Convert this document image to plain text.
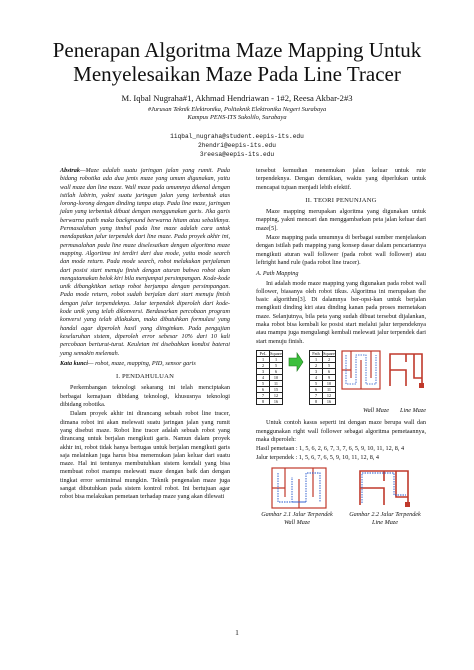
Penerapan Algoritma Maze Mapping Untuk
Menyelesaikan Maze Pada Line Tracer
M. Iqbal Nugraha#1, Akhmad Hendriawan - 1#2, Reesa Akbar-2#3
#Jurusan Teknik Elektronika, Politeknik Elektronika Negeri Surabaya
Kampus PENS-ITS Sukolilo, Surabaya
1iqbal_nugraha@student.eepis-its.edu
2hendri@eepis-its.edu
3reesa@eepis-its.edu
Abstrak—Maze adalah suatu jaringan jalan yang rumit. Pada bidang robotika ada dua jenis maze yang umum digunakan, yaitu wall maze dan line maze. Wall maze pada umumnya dikenal dengan istilah labirin, yakni suatu jaringan jalan yang terbentuk atas lorong-lorong dengan dinding tanpa atap. Pada line maze, jaringan jalan yang terbentuk dibuat dengan menggunakan garis. Jika garis berwarna putih maka background berwarna hitam atau sebaliknya. Permasalahan yang timbul pada line maze adalah cara untuk mendapatkan jalur terpendek dari line maze. Pada proyek akhir ini, permasalahan pada line maze diselesaikan dengan algoritma maze mapping. Algoritma ini terdiri dari dua mode, yaitu mode search dan mode return. Pada mode search, robot melakukan perjalanan dari posisi start menuju finish dengan aturan bahwa robot akan mengutamakan belok kiri bila menjumpai persimpangan. Kode-kode unik dibangkitkan setiap robot berjumpa dengan persimpangan. Pada mode return, robot sudah berjalan dari start menuju finish dengan jalur terpendeknya. Jalur terpendek diperoleh dari kode-kode unik yang telah dikonversi. Berdasarkan percobaan program konversi yang telah dilakukan, maka dibutuhkan formulasi yang handal agar diperoleh hasil yang diinginkan. Pada pengujian keseluruhan sistem, diperoleh error sebesar 10% dari 10 kali percobaan berturut-turut. Keuletan ini disebabkan kondisi baterai yang semakin melemah.
Kata kunci— robot, maze, mapping, PID, sensor garis
I. PENDAHULUAN
Perkembangan teknologi sekarang ini telah menciptakan berbagai kemajuan dibidang teknologi, khususnya teknologi dibidang robotika.
Dalam proyek akhir ini dirancang sebuah robot line tracer, dimana robot ini akan melewati suatu jaringan jalan yang rumit yang disebut maze. Robot line tracer adalah sebuah robot yang dirancang untuk berjalan mengikuti garis. Namun dalam proyek akhir ini, robot tidak hanya bertugas untuk berjalan mengikuti garis saja melainkan juga harus bisa menemukan jalan keluar dari suatu maze. Hal ini tentunya membutuhkan sistem kendali yang bisa membuat robot mampu melewati maze dengan baik dan dengan tingkat error seminimal mungkin. Teknik pengenalan maze juga sangat dibutuhkan pada sistem kontrol robot. Ini bertujuan agar robot bisa melakukan pemetaan terhadap maze yang akan dilewati
tersebut kemudian menemukan jalan keluar untuk rute terpendeknya. Dengan demikian, waktu yang diperlukan untuk mencapai tujuan menjadi lebih efektif.
II. TEORI PENUNJANG
Maze mapping merupakan algoritma yang digunakan untuk mapping, yakni mencari dan menggambarkan peta jalan keluar dari maze[5].
Maze mapping pada umumnya di berbagai sumber menjelaskan dengan istilah path mapping yang konsep dasar dalam pencariannya mengikuti aturan wall follower (pada robot wall follower) atau leftright hand rule (pada robot line tracer).
A. Path Mapping
Ini adalah mode maze mapping yang digunakan pada robot wall follower, biasanya oleh robot tikus. Algoritma ini merupakan the basic algorithm[3]. Di dalamnya ber-opsi-kan untuk berjalan mengikuti dinding kiri atau dinding kanan pada proses memetakan maze. Selanjutnya, bila peta yang sudah dibuat tersebut dijalankan, maka robot bisa kembali ke posisi start melalui jalur terpendeknya atau mampu juga mengulangi kembali melewati jalur terpendek dari start menuju finish.
PeL	Square
1	1
2	5
3	6
4	10
5	11
6	15
7	12
8	16
Path	Square
1	2
2	5
3	6
4	9
5	10
6	11
7	12
8	16
Wall Maze Line Maze
Untuk contoh kasus seperti ini dengan maze berupa wall dan menggunakan right wall follower sebagai algoritma pemetaannya, maka diperoleh:
Hasil pemetaan : 1, 5, 6, 2, 6, 7, 3, 7, 6, 5, 9, 10, 11, 12, 8, 4
Jalur terpendek : 1, 5, 6, 7, 6, 5, 9, 10, 11, 12, 8, 4
Gambar 2.1 Jalur Terpendek Wall Maze
Gambar 2.2 Jalur Terpendek Line Maze
1
